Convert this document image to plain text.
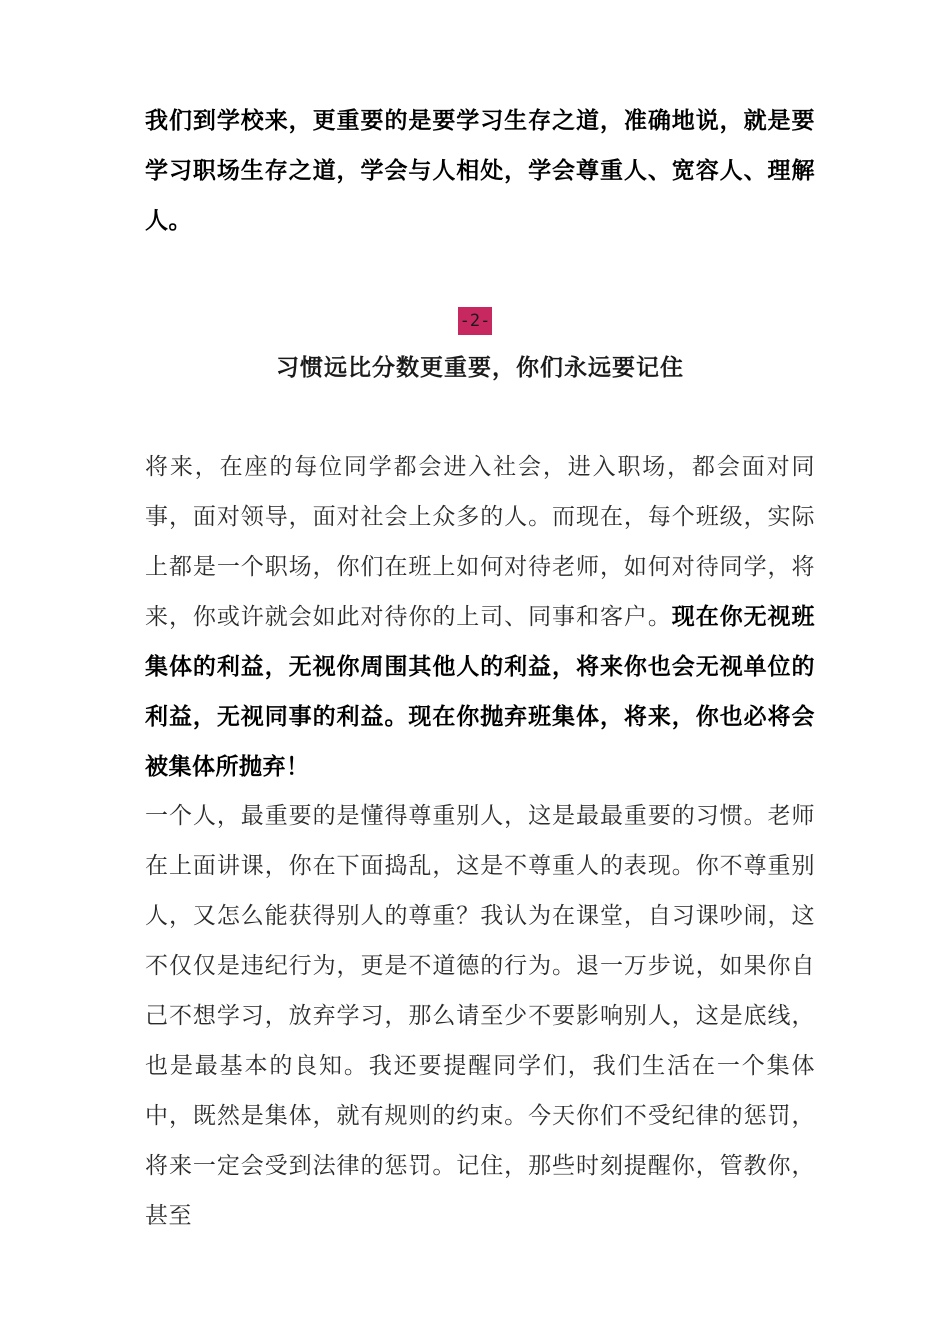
我们到学校来，更重要的是要学习生存之道，准确地说，就是要学习职场生存之道，学会与人相处，学会尊重人、宽容人、理解人。
-2-
习惯远比分数更重要，你们永远要记住
将来，在座的每位同学都会进入社会，进入职场，都会面对同事，面对领导，面对社会上众多的人。而现在，每个班级，实际上都是一个职场，你们在班上如何对待老师，如何对待同学，将来，你或许就会如此对待你的上司、同事和客户。现在你无视班集体的利益，无视你周围其他人的利益，将来你也会无视单位的利益，无视同事的利益。现在你抛弃班集体，将来，你也必将会被集体所抛弃！
一个人，最重要的是懂得尊重别人，这是最最重要的习惯。老师在上面讲课，你在下面捣乱，这是不尊重人的表现。你不尊重别人，又怎么能获得别人的尊重？我认为在课堂，自习课吵闹，这不仅仅是违纪行为，更是不道德的行为。退一万步说，如果你自己不想学习，放弃学习，那么请至少不要影响别人，这是底线，也是最基本的良知。我还要提醒同学们，我们生活在一个集体中，既然是集体，就有规则的约束。今天你们不受纪律的惩罚，将来一定会受到法律的惩罚。记住，那些时刻提醒你，管教你，甚至
